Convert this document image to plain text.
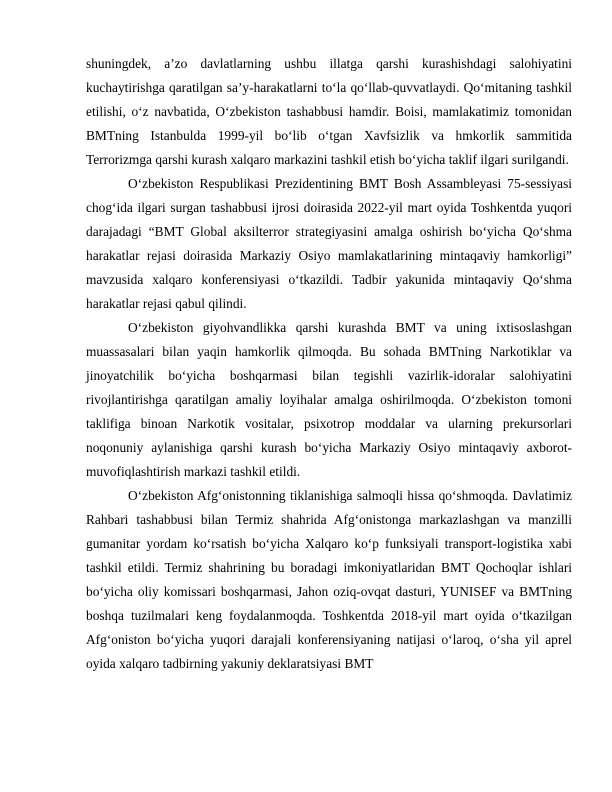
shuningdek, a’zo davlatlarning ushbu illatga qarshi kurashishdagi salohiyatini kuchaytirishga qaratilgan sa’y-harakatlarni to‘la qo‘llab-quvvatlaydi. Qo‘mitaning tashkil etilishi, o‘z navbatida, O‘zbekiston tashabbusi hamdir. Boisi, mamlakatimiz tomonidan BMTning Istanbulda 1999-yil bo‘lib o‘tgan Xavfsizlik va hmkorlik sammitida Terrorizmga qarshi kurash xalqaro markazini tashkil etish bo‘yicha taklif ilgari surilgandi.

O‘zbekiston Respublikasi Prezidentining BMT Bosh Assambleyasi 75-sessiyasi chog‘ida ilgari surgan tashabbusi ijrosi doirasida 2022-yil mart oyida Toshkentda yuqori darajadagi “BMT Global aksilterror strategiyasini amalga oshirish bo‘yicha Qo‘shma harakatlar rejasi doirasida Markaziy Osiyo mamlakatlarining mintaqaviy hamkorligi” mavzusida xalqaro konferensiyasi o‘tkazildi. Tadbir yakunida mintaqaviy Qo‘shma harakatlar rejasi qabul qilindi.

O‘zbekiston giyohvandlikka qarshi kurashda BMT va uning ixtisoslashgan muassasalari bilan yaqin hamkorlik qilmoqda. Bu sohada BMTning Narkotiklar va jinoyatchilik bo‘yicha boshqarmasi bilan tegishli vazirlik-idoralar salohiyatini rivojlantirishga qaratilgan amaliy loyihalar amalga oshirilmoqda. O‘zbekiston tomoni taklifiga binoan Narkotik vositalar, psixotrop moddalar va ularning prekursorlari noqonuniy aylanishiga qarshi kurash bo‘yicha Markaziy Osiyo mintaqaviy axborot-muvofiqlashtirish markazi tashkil etildi.

O‘zbekiston Afg‘onistonning tiklanishiga salmoqli hissa qo‘shmoqda. Davlatimiz Rahbari tashabbusi bilan Termiz shahrida Afg‘onistonga markazlashgan va manzilli gumanitar yordam ko‘rsatish bo‘yicha Xalqaro ko‘p funksiyali transport-logistika xabi tashkil etildi. Termiz shahrining bu boradagi imkoniyatlaridan BMT Qochoqlar ishlari bo‘yicha oliy komissari boshqarmasi, Jahon oziq-ovqat dasturi, YUNISEF va BMTning boshqa tuzilmalari keng foydalanmoqda. Toshkentda 2018-yil mart oyida o‘tkazilgan Afg‘oniston bo‘yicha yuqori darajali konferensiyaning natijasi o‘laroq, o‘sha yil aprel oyida xalqaro tadbirning yakuniy deklaratsiyasi BMT
